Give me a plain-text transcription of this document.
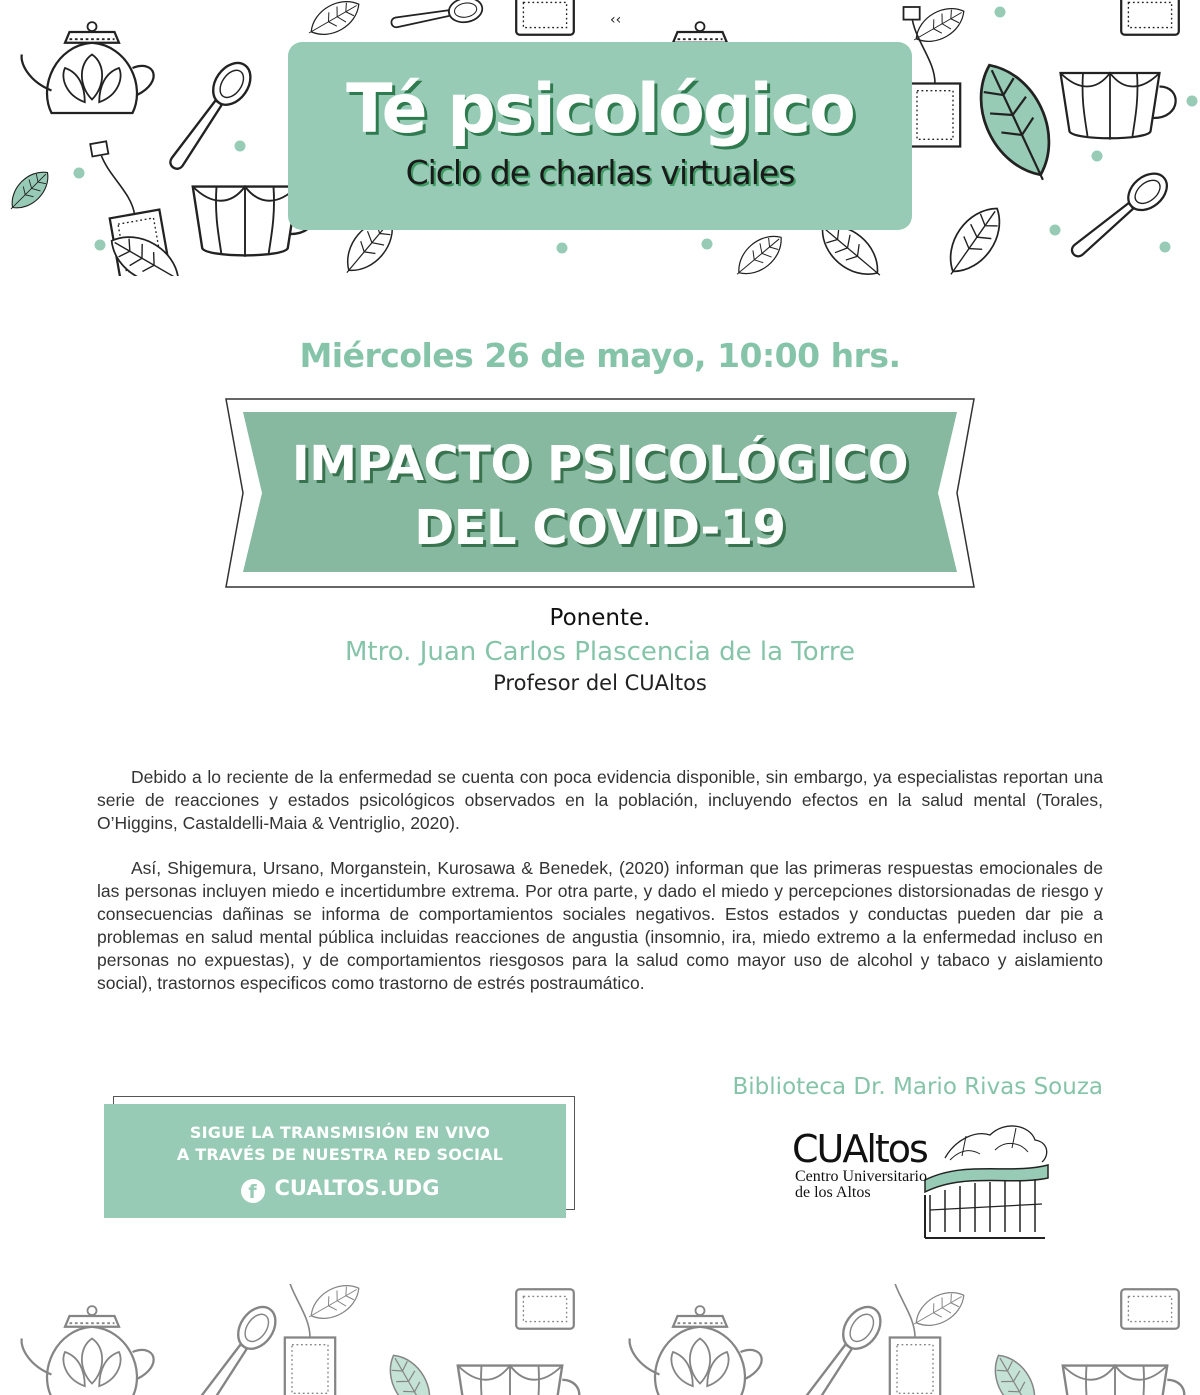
‹‹
Té psicológico
Ciclo de charlas virtuales
Miércoles 26 de mayo, 10:00 hrs.
IMPACTO PSICOLÓGICO
DEL COVID-19
Ponente.
Mtro. Juan Carlos Plascencia de la Torre
Profesor del CUAltos

Debido a lo reciente de la enfermedad se cuenta con poca evidencia disponible, sin embargo, ya especialistas reportan una serie de reacciones y estados psicológicos observados en la población, incluyendo efectos en la salud mental (Torales, O’Higgins, Castaldelli-Maia & Ventriglio, 2020).

Así, Shigemura, Ursano, Morganstein, Kurosawa & Benedek, (2020) informan que las primeras respuestas emocionales de las personas incluyen miedo e incertidumbre extrema. Por otra parte, y dado el miedo y percepciones distorsionadas de riesgo y consecuencias dañinas se informa de comportamientos sociales negativos. Estos estados y conductas pueden dar pie a problemas en salud mental pública incluidas reacciones de angustia (insomnio, ira, miedo extremo a la enfermedad incluso en personas no expuestas), y de comportamientos riesgosos para la salud como mayor uso de alcohol y tabaco y aislamiento social), trastornos especificos como trastorno de estrés postraumático.

Biblioteca Dr. Mario Rivas Souza
SIGUE LA TRANSMISIÓN EN VIVO
A TRAVÉS DE NUESTRA RED SOCIAL
f CUALTOS.UDG
CUAltos
Centro Universitario
de los Altos
